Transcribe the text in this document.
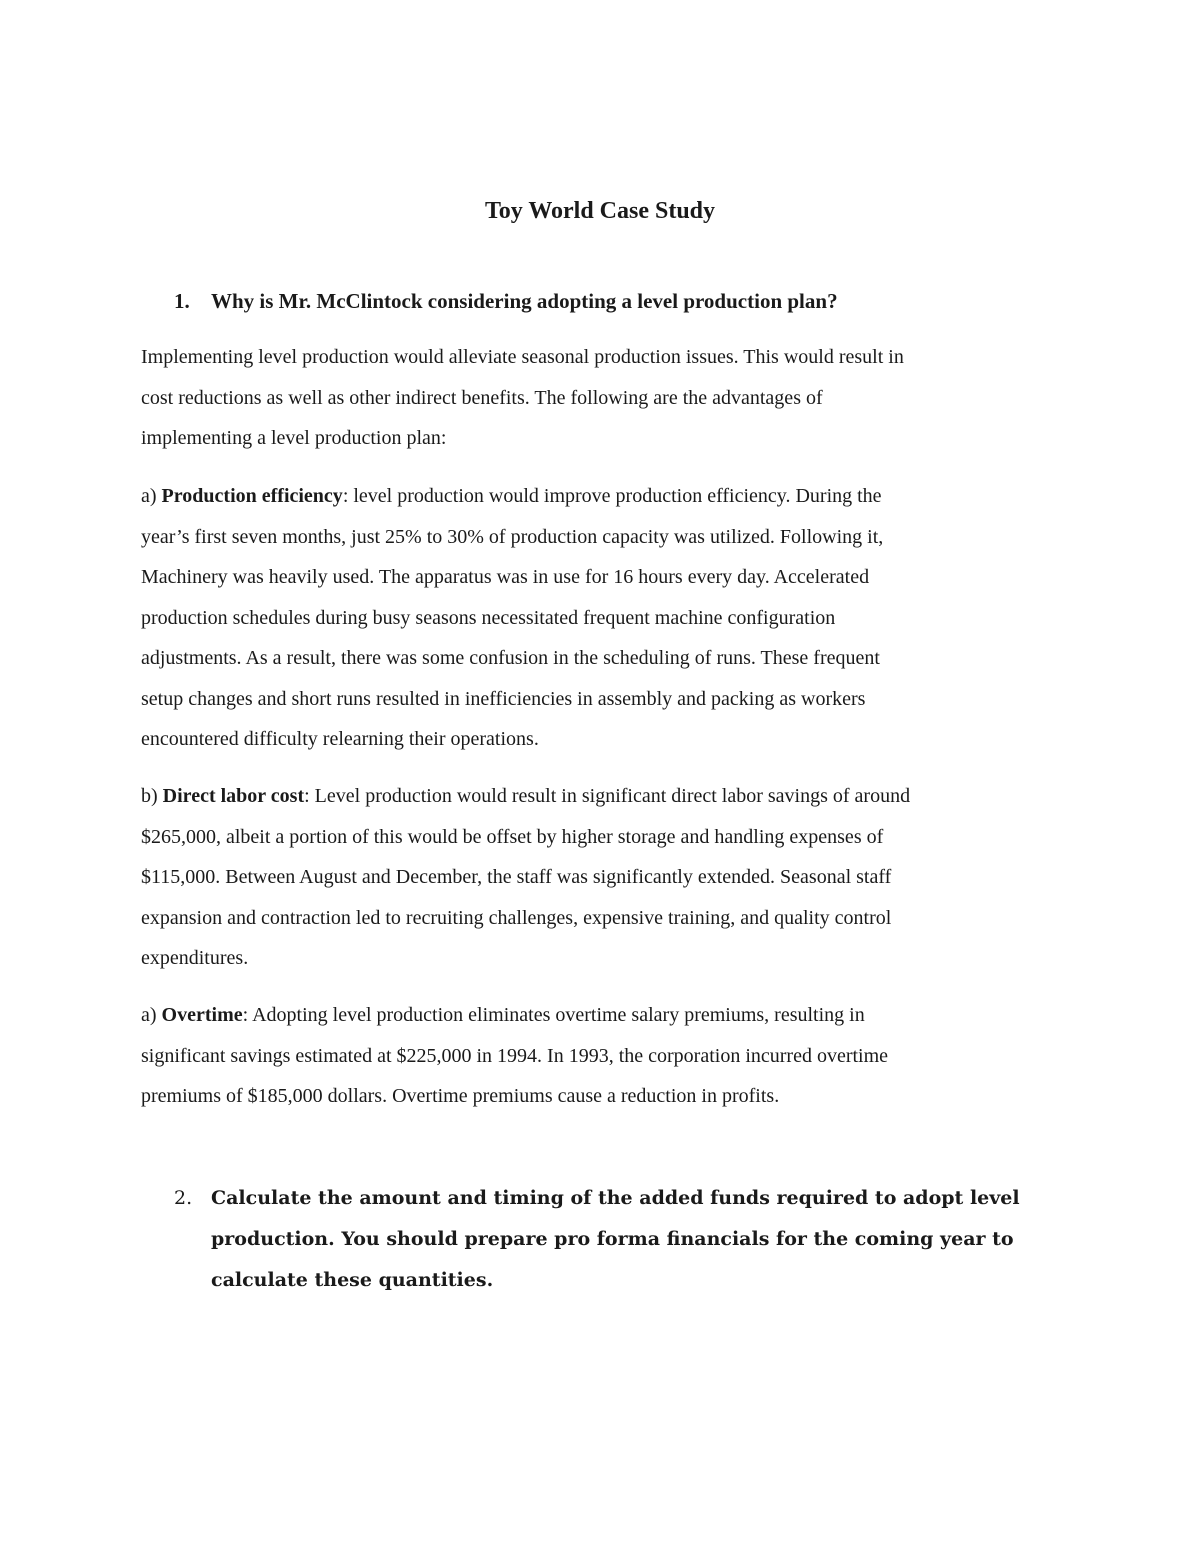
Toy World Case Study
1.	Why is Mr. McClintock considering adopting a level production plan?
Implementing level production would alleviate seasonal production issues. This would result in
cost reductions as well as other indirect benefits. The following are the advantages of
implementing a level production plan:
a) Production efficiency: level production would improve production efficiency. During the
year’s first seven months, just 25% to 30% of production capacity was utilized. Following it,
Machinery was heavily used. The apparatus was in use for 16 hours every day. Accelerated
production schedules during busy seasons necessitated frequent machine configuration
adjustments. As a result, there was some confusion in the scheduling of runs. These frequent
setup changes and short runs resulted in inefficiencies in assembly and packing as workers
encountered difficulty relearning their operations.
b) Direct labor cost: Level production would result in significant direct labor savings of around
$265,000, albeit a portion of this would be offset by higher storage and handling expenses of
$115,000. Between August and December, the staff was significantly extended. Seasonal staff
expansion and contraction led to recruiting challenges, expensive training, and quality control
expenditures.
a) Overtime: Adopting level production eliminates overtime salary premiums, resulting in
significant savings estimated at $225,000 in 1994. In 1993, the corporation incurred overtime
premiums of $185,000 dollars. Overtime premiums cause a reduction in profits.
2. Calculate the amount and timing of the added funds required to adopt level
production. You should prepare pro forma financials for the coming year to
calculate these quantities.
